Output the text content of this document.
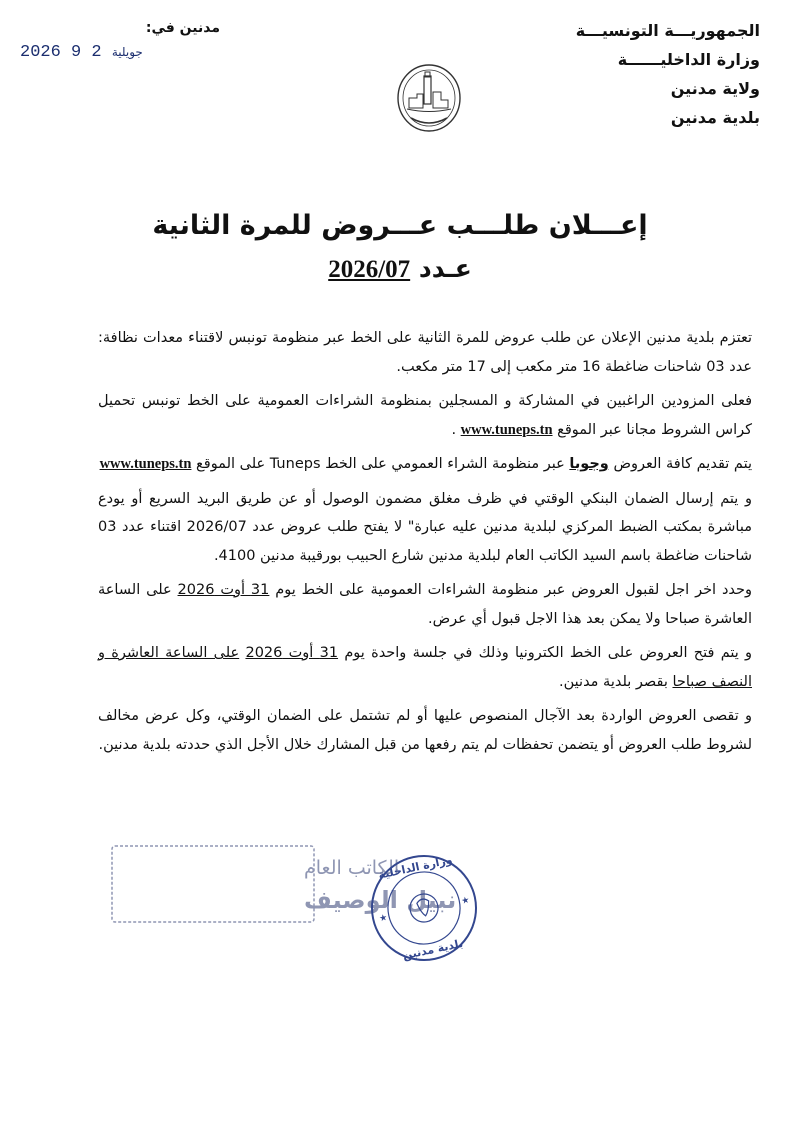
الجمهوريـــة التونسيـــة
وزارة الداخليــــــة
ولاية مدنين
بلدية مدنين
مدنين في:
2026	جويلية 2 9
إعـــلان طلـــب عـــروض للمرة الثانية
عـدد 2026/07

تعتزم بلدية مدنين الإعلان عن طلب عروض للمرة الثانية على الخط عبر منظومة تونبس لاقتناء معدات نظافة: عدد 03 شاحنات ضاغطة 16 متر مكعب إلى 17 متر مكعب.

فعلى المزودين الراغبين في المشاركة و المسجلين بمنظومة الشراءات العمومية على الخط تونبس تحميل كراس الشروط مجانا عبر الموقع www.tuneps.tn .

يتم تقديم كافة العروض وجوبا عبر منظومة الشراء العمومي على الخط Tuneps على الموقع www.tuneps.tn

و يتم إرسال الضمان البنكي الوقتي في ظرف مغلق مضمون الوصول أو عن طريق البريد السريع أو يودع مباشرة بمكتب الضبط المركزي لبلدية مدنين عليه عبارة" لا يفتح طلب عروض عدد 2026/07 اقتناء عدد 03 شاحنات ضاغطة باسم السيد الكاتب العام لبلدية مدنين شارع الحبيب بورقيبة مدنين 4100.

وحدد اخر اجل لقبول العروض عبر منظومة الشراءات العمومية على الخط يوم 31 أوت 2026 على الساعة العاشرة صباحا ولا يمكن بعد هذا الاجل قبول أي عرض.

و يتم فتح العروض على الخط الكترونيا وذلك في جلسة واحدة يوم 31 أوت 2026 على الساعة العاشرة و النصف صباحا بقصر بلدية مدنين.

و تقصى العروض الواردة بعد الآجال المنصوص عليها أو لم تشتمل على الضمان الوقتي، وكل عرض مخالف لشروط طلب العروض أو يتضمن تحفظات لم يتم رفعها من قبل المشارك خلال الأجل الذي حددته بلدية مدنين.

الكاتب العام
نبيل الوصيف
وزارة الداخلية
بلدية مدنين
★
★
